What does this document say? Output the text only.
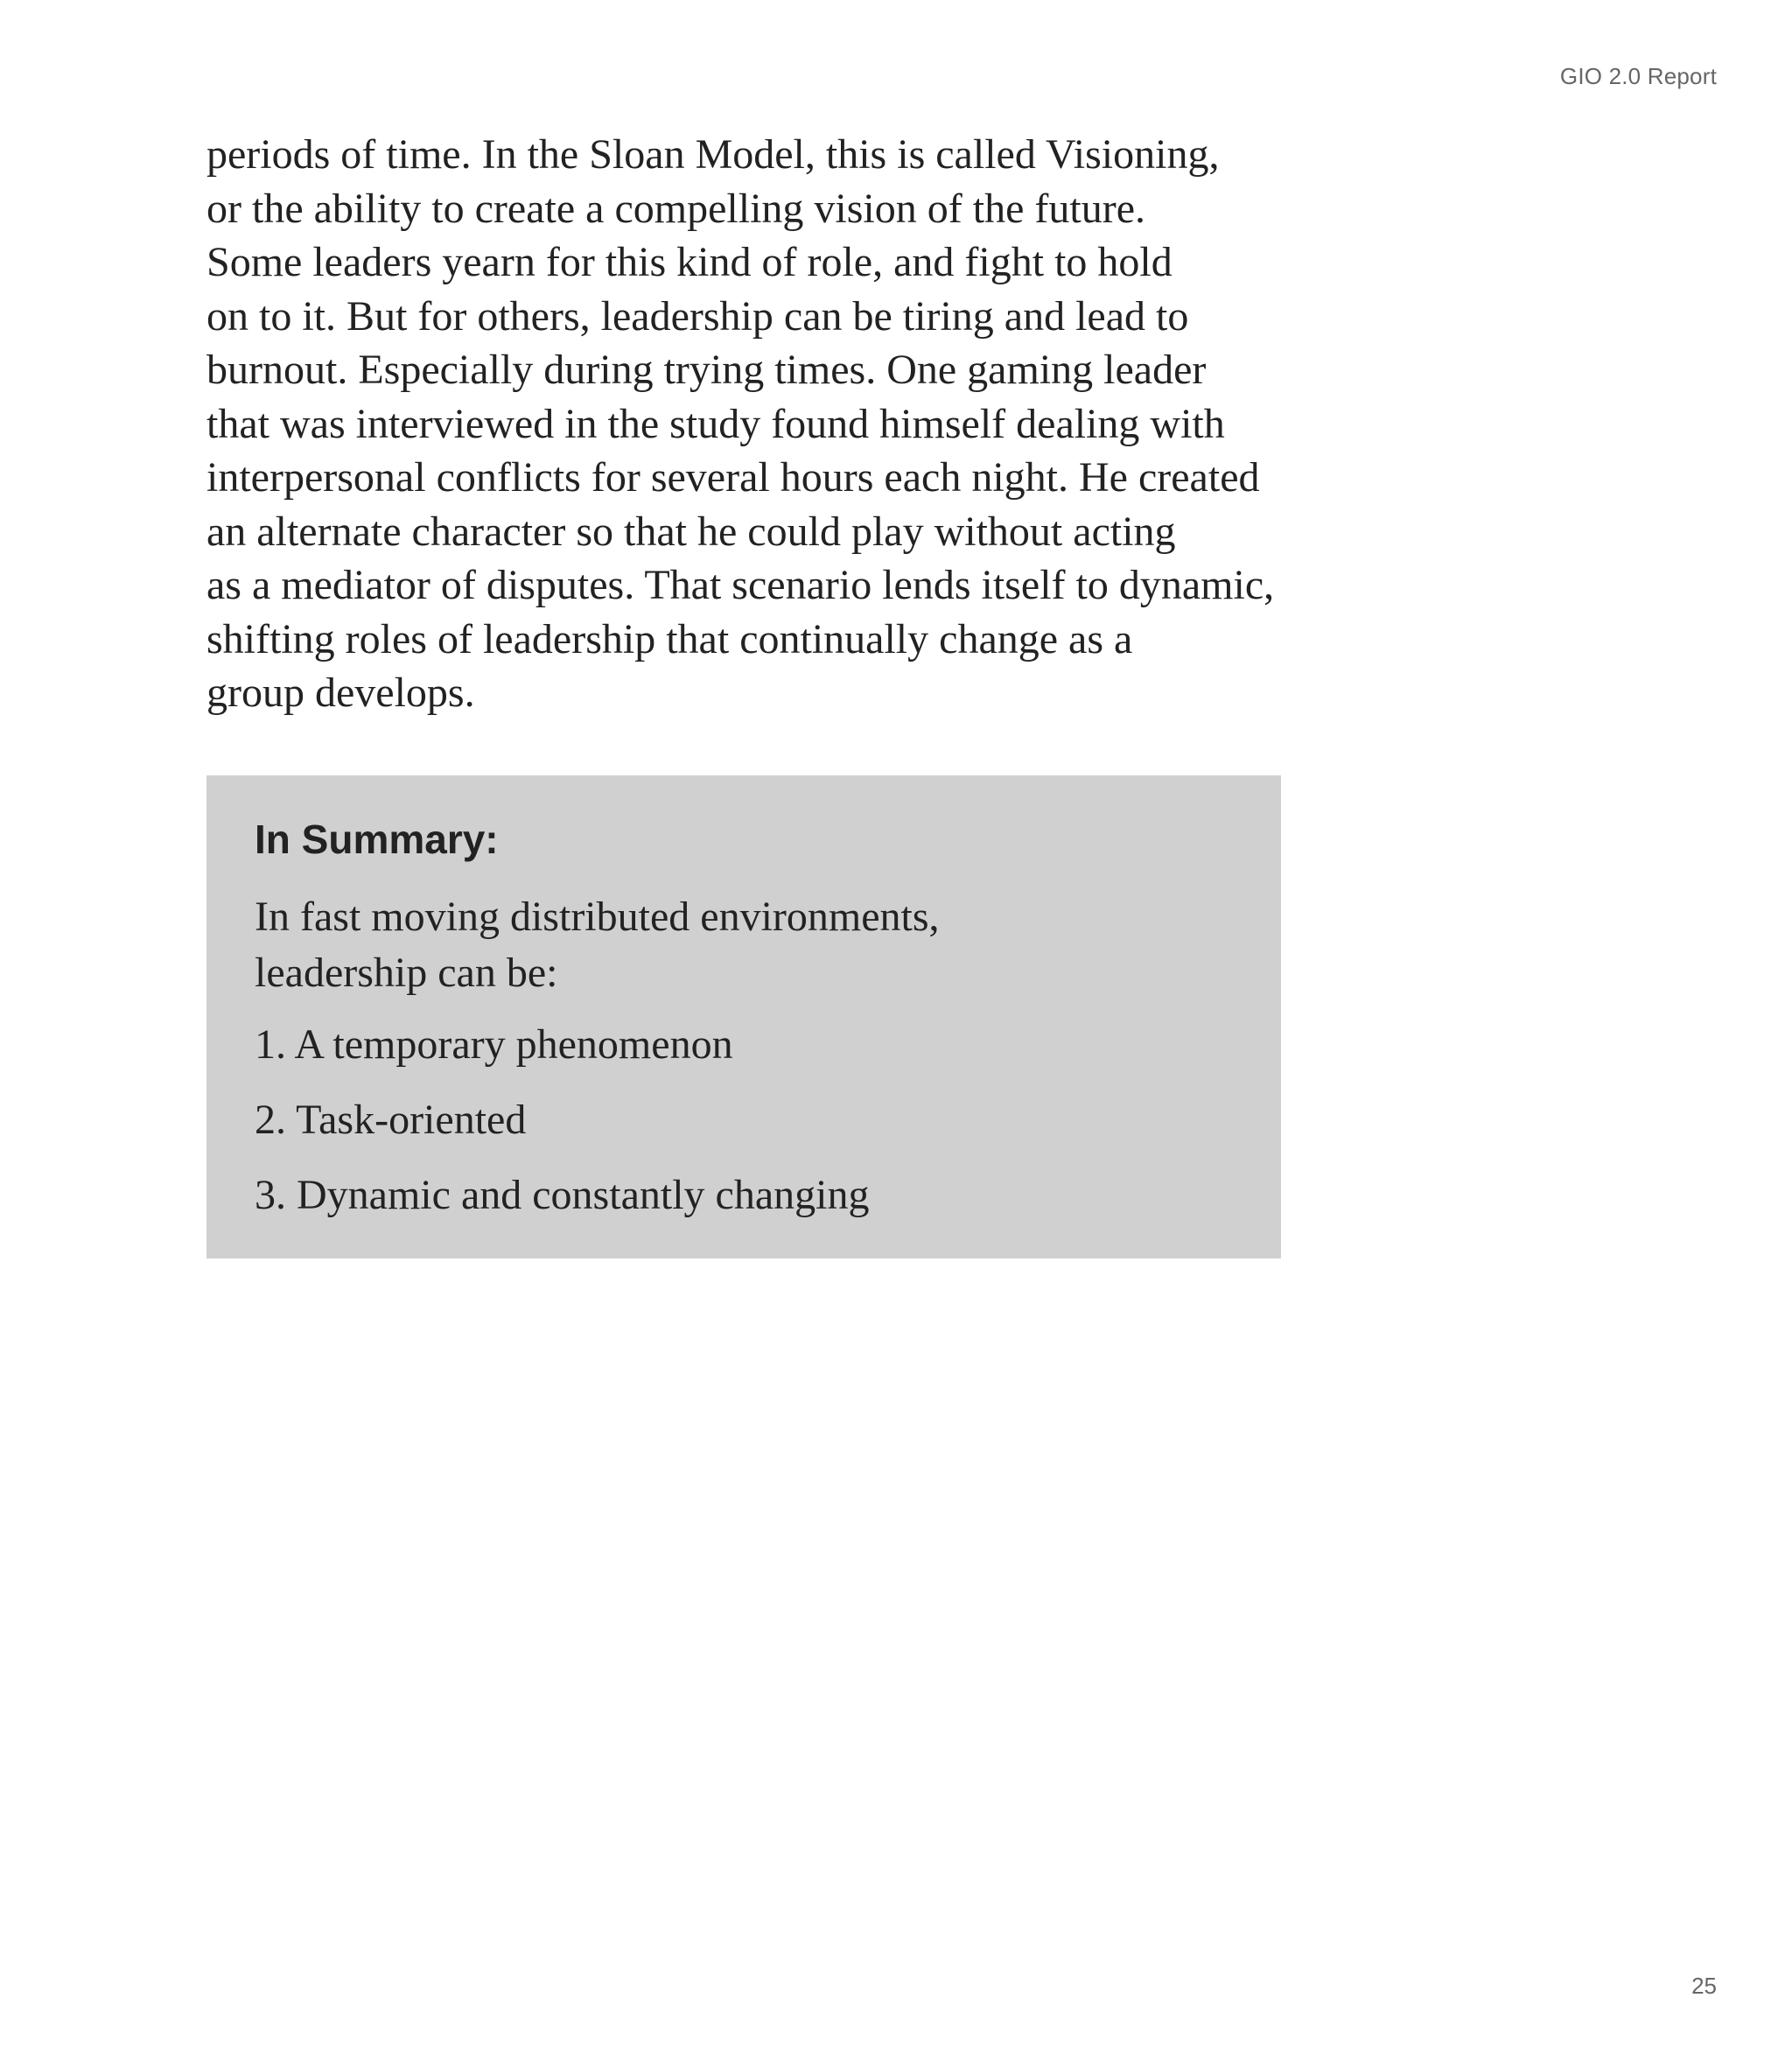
GIO 2.0 Report

periods of time. In the Sloan Model, this is called Visioning,
or the ability to create a compelling vision of the future.
Some leaders yearn for this kind of role, and fight to hold
on to it. But for others, leadership can be tiring and lead to
burnout. Especially during trying times. One gaming leader
that was interviewed in the study found himself dealing with
interpersonal conflicts for several hours each night. He created
an alternate character so that he could play without acting
as a mediator of disputes. That scenario lends itself to dynamic,
shifting roles of leadership that continually change as a
group develops.

In Summary:

In fast moving distributed environments,
leadership can be:

1. A temporary phenomenon
2. Task-oriented
3. Dynamic and constantly changing
25
